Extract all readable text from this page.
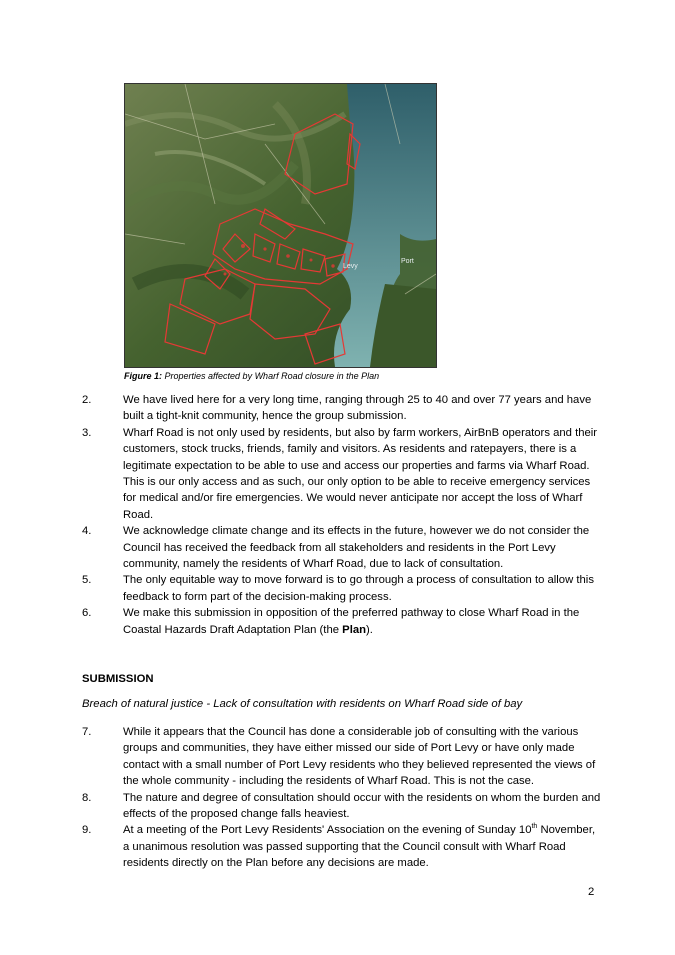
Levy
Port
Figure 1: Properties affected by Wharf Road closure in the Plan
2.	We have lived here for a very long time, ranging through 25 to 40 and over 77 years and have built a tight-knit community, hence the group submission.
3.	Wharf Road is not only used by residents, but also by farm workers, AirBnB operators and their customers, stock trucks, friends, family and visitors. As residents and ratepayers, there is a legitimate expectation to be able to use and access our properties and farms via Wharf Road. This is our only access and as such, our only option to be able to receive emergency services for medical and/or fire emergencies. We would never anticipate nor accept the loss of Wharf Road.
4.	We acknowledge climate change and its effects in the future, however we do not consider the Council has received the feedback from all stakeholders and residents in the Port Levy community, namely the residents of Wharf Road, due to lack of consultation.
5.	The only equitable way to move forward is to go through a process of consultation to allow this feedback to form part of the decision-making process.
6.	We make this submission in opposition of the preferred pathway to close Wharf Road in the Coastal Hazards Draft Adaptation Plan (the Plan).
SUBMISSION
Breach of natural justice - Lack of consultation with residents on Wharf Road side of bay
7.	While it appears that the Council has done a considerable job of consulting with the various groups and communities, they have either missed our side of Port Levy or have only made contact with a small number of Port Levy residents who they believed represented the views of the whole community - including the residents of Wharf Road. This is not the case.
8.	The nature and degree of consultation should occur with the residents on whom the burden and effects of the proposed change falls heaviest.
9.	At a meeting of the Port Levy Residents' Association on the evening of Sunday 10th November, a unanimous resolution was passed supporting that the Council consult with Wharf Road residents directly on the Plan before any decisions are made.
2
